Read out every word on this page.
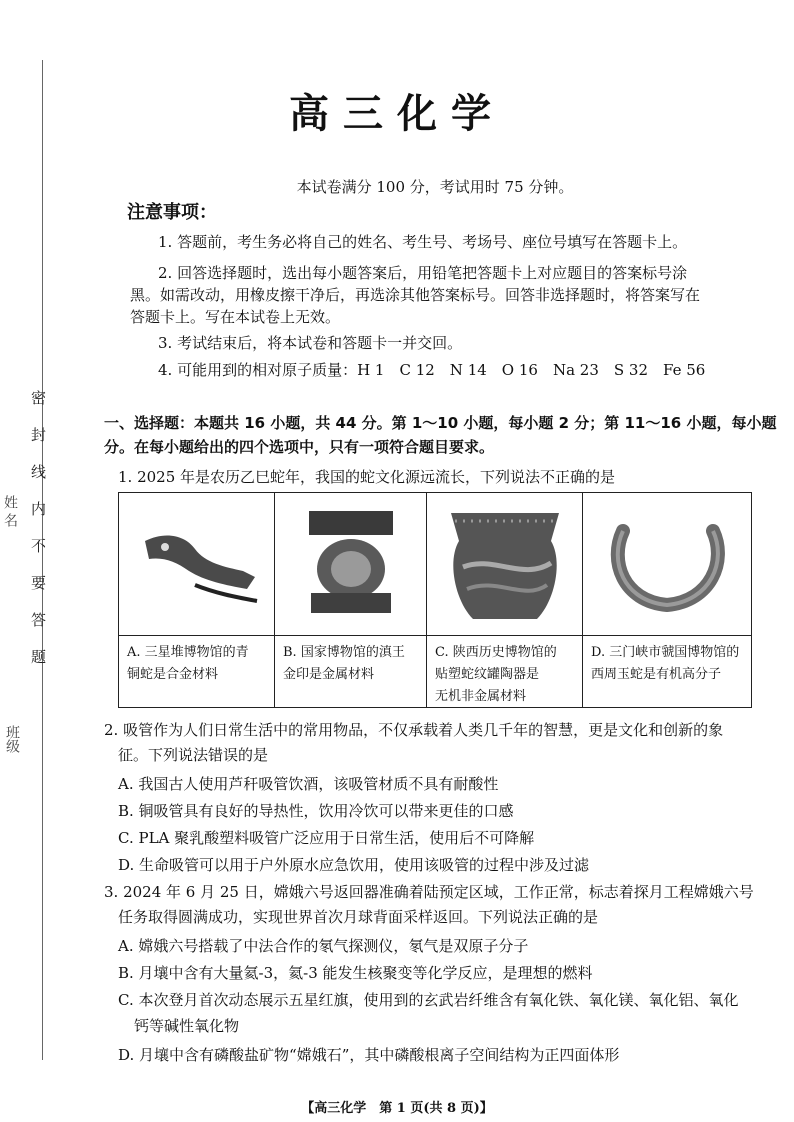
密封线内不要答题
姓名
班级
高三化学
本试卷满分 100 分，考试用时 75 分钟。
注意事项：
1. 答题前，考生务必将自己的姓名、考生号、考场号、座位号填写在答题卡上。
2. 回答选择题时，选出每小题答案后，用铅笔把答题卡上对应题目的答案标号涂
黑。如需改动，用橡皮擦干净后，再选涂其他答案标号。回答非选择题时，将答案写在
答题卡上。写在本试卷上无效。
3. 考试结束后，将本试卷和答题卡一并交回。
4. 可能用到的相对原子质量：H 1　C 12　N 14　O 16　Na 23　S 32　Fe 56
一、选择题：本题共 16 小题，共 44 分。第 1～10 小题，每小题 2 分；第 11～16 小题，每小题
分。在每小题给出的四个选项中，只有一项符合题目要求。
1. 2025 年是农历乙巳蛇年，我国的蛇文化源远流长，下列说法不正确的是
A. 三星堆博物馆的青
铜蛇是合金材料
B. 国家博物馆的滇王
金印是金属材料
C. 陕西历史博物馆的
贴塑蛇纹罐陶器是
无机非金属材料
D. 三门峡市虢国博物馆的
西周玉蛇是有机高分子
2. 吸管作为人们日常生活中的常用物品，不仅承载着人类几千年的智慧，更是文化和创新的象
征。下列说法错误的是
A. 我国古人使用芦秆吸管饮酒，该吸管材质不具有耐酸性
B. 铜吸管具有良好的导热性，饮用冷饮可以带来更佳的口感
C. PLA 聚乳酸塑料吸管广泛应用于日常生活，使用后不可降解
D. 生命吸管可以用于户外原水应急饮用，使用该吸管的过程中涉及过滤
3. 2024 年 6 月 25 日，嫦娥六号返回器准确着陆预定区域，工作正常，标志着探月工程嫦娥六号
任务取得圆满成功，实现世界首次月球背面采样返回。下列说法正确的是
A. 嫦娥六号搭载了中法合作的氡气探测仪，氡气是双原子分子
B. 月壤中含有大量氦-3，氦-3 能发生核聚变等化学反应，是理想的燃料
C. 本次登月首次动态展示五星红旗，使用到的玄武岩纤维含有氧化铁、氧化镁、氧化铝、氧化
钙等碱性氧化物
D. 月壤中含有磷酸盐矿物“嫦娥石”，其中磷酸根离子空间结构为正四面体形
【高三化学　第 1 页(共 8 页)】
